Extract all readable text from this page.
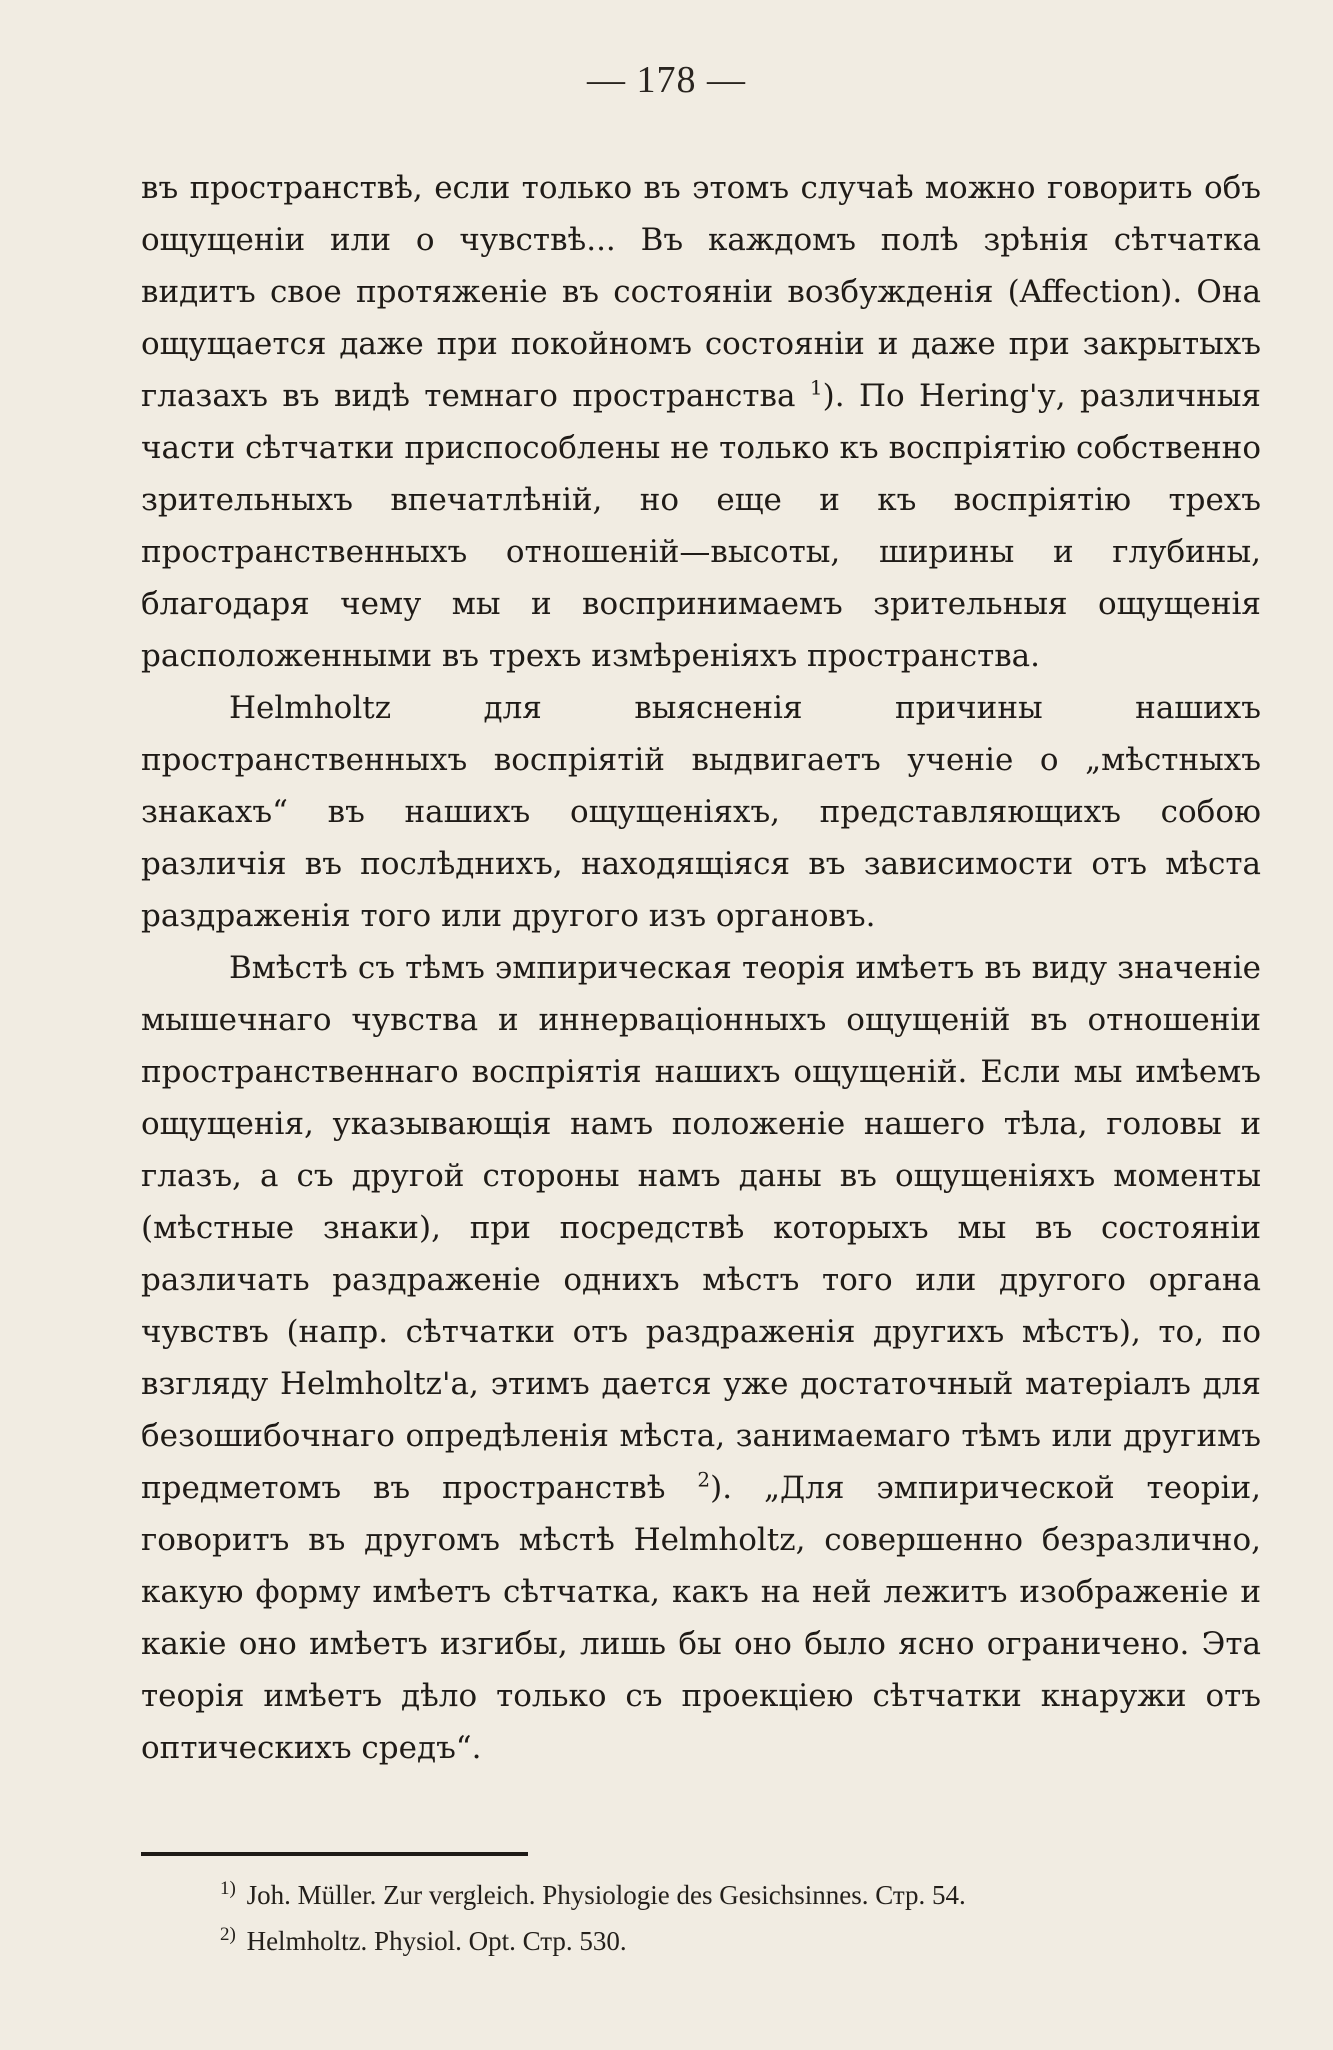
— 178 —

въ пространствѣ, если только въ этомъ случаѣ можно говорить объ ощущеніи или о чувствѣ... Въ каждомъ полѣ зрѣнія сѣтчатка видитъ свое протяженіе въ состояніи возбужденія (Affection). Она ощущается даже при покойномъ состояніи и даже при закрытыхъ глазахъ въ видѣ темнаго пространства $^1$). По Hering'у, различныя части сѣтчатки приспособлены не только къ воспріятію собственно зрительныхъ впечатлѣній, но еще и къ воспріятію трехъ пространственныхъ отношеній—высоты, ширины и глубины, благодаря чему мы и воспринимаемъ зрительныя ощущенія расположенными въ трехъ измѣреніяхъ пространства.

Helmholtz для выясненія причины нашихъ пространственныхъ воспріятій выдвигаетъ ученіе о „мѣстныхъ знакахъ“ въ нашихъ ощущеніяхъ, представляющихъ собою различія въ послѣднихъ, находящіяся въ зависимости отъ мѣста раздраженія того или другого изъ органовъ.

Вмѣстѣ съ тѣмъ эмпирическая теорія имѣетъ въ виду значеніе мышечнаго чувства и иннерваціонныхъ ощущеній въ отношеніи пространственнаго воспріятія нашихъ ощущеній. Если мы имѣемъ ощущенія, указывающія намъ положеніе нашего тѣла, головы и глазъ, а съ другой стороны намъ даны въ ощущеніяхъ моменты (мѣстные знаки), при посредствѣ которыхъ мы въ состояніи различать раздраженіе однихъ мѣстъ того или другого органа чувствъ (напр. сѣтчатки отъ раздраженія другихъ мѣстъ), то, по взгляду Helmholtz'а, этимъ дается уже достаточный матеріалъ для безошибочнаго опредѣленія мѣста, занимаемаго тѣмъ или другимъ предметомъ въ пространствѣ $^2$). „Для эмпирической теоріи, говоритъ въ другомъ мѣстѣ Helmholtz, совершенно безразлично, какую форму имѣетъ сѣтчатка, какъ на ней лежитъ изображеніе и какіе оно имѣетъ изгибы, лишь бы оно было ясно ограничено. Эта теорія имѣетъ дѣло только съ проекціею сѣтчатки кнаружи отъ оптическихъ средъ“.

$^{1)}$ Joh. Müller. Zur vergleich. Physiologie des Gesichsinnes. Стр. 54.

$^{2)}$ Helmholtz. Physiol. Opt. Стр. 530.
